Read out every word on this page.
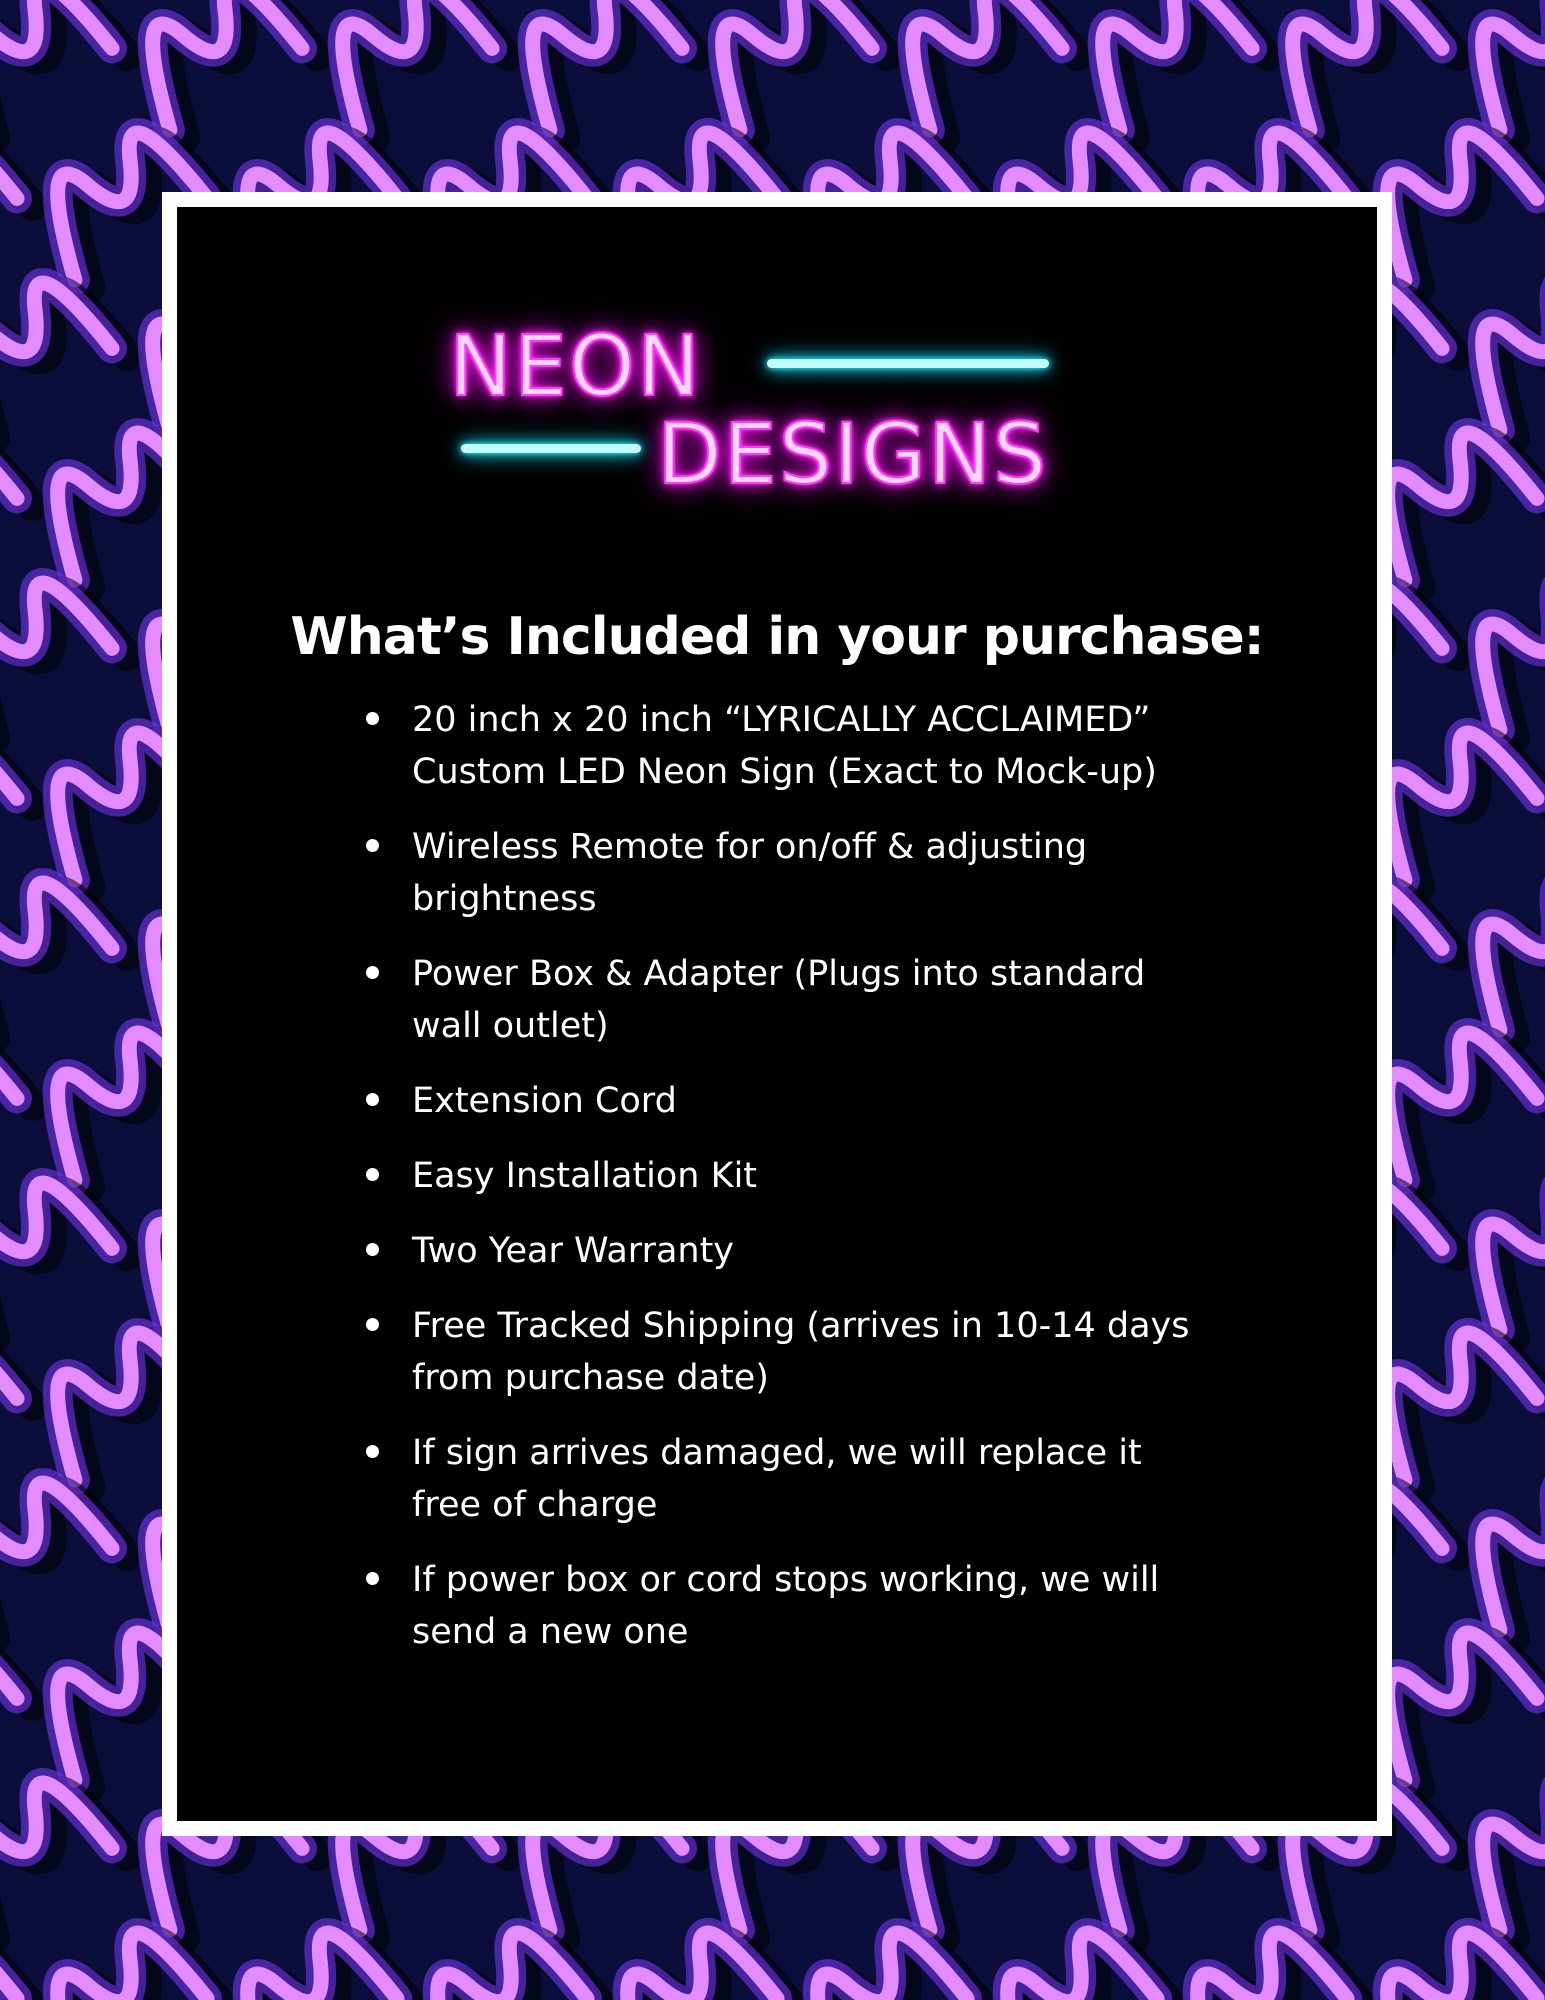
NEON
DESIGNS
What’s Included in your purchase:
20 inch x 20 inch “LYRICALLY ACCLAIMED”
Custom LED Neon Sign (Exact to Mock-up)
Wireless Remote for on/off & adjusting
brightness
Power Box & Adapter (Plugs into standard
wall outlet)
Extension Cord
Easy Installation Kit
Two Year Warranty
Free Tracked Shipping (arrives in 10-14 days
from purchase date)
If sign arrives damaged, we will replace it
free of charge
If power box or cord stops working, we will
send a new one
